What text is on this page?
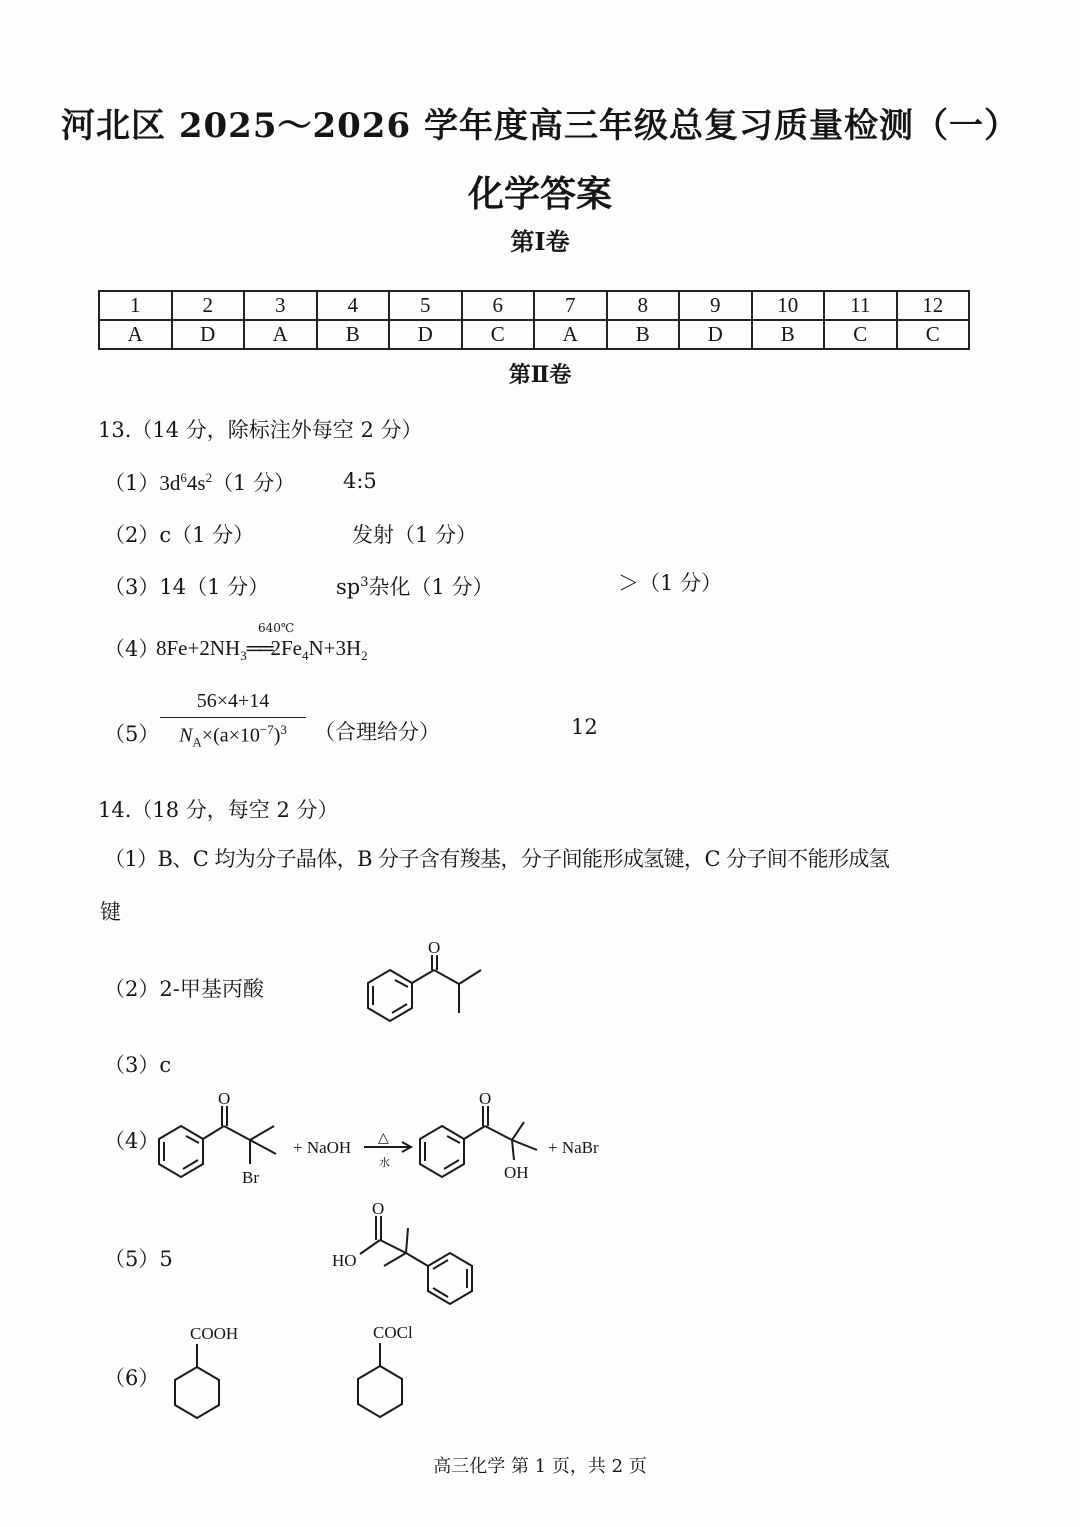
河北区 2025～2026 学年度高三年级总复习质量检测（一）
化学答案
第Ⅰ卷
1	2	3	4	5	6	7	8	9	10	11	12
A	D	A	B	D	C	A	B	D	B	C	C
第Ⅱ卷
13.（14 分，除标注外每空 2 分）
$(1)3d^64s^2(1$ 分） 4:5
（2）c（1 分）	发射（1 分）
（3）14（1 分）	$sp^3$杂化（1 分）	＞（1 分）
（4）
640℃
$8Fe+2NH_3══2Fe_4N+3H_2$
$(5) \frac{56\times 4+14}{N_A\times(a\times 10^{-7})^3}$ （合理给分）	12
14.（18 分，每空 2 分）
（1）B、C 均为分子晶体，B 分子含有羧基，分子间能形成氢键，C 分子间不能形成氢
键
（2）2-甲基丙酸
（3）c
（4）
（5）5
（6）
O
O
Br
+ NaOH △
水
O
OH
+ NaBr
O
HO
COOH	COCl
高三化学 第 1 页，共 2 页
